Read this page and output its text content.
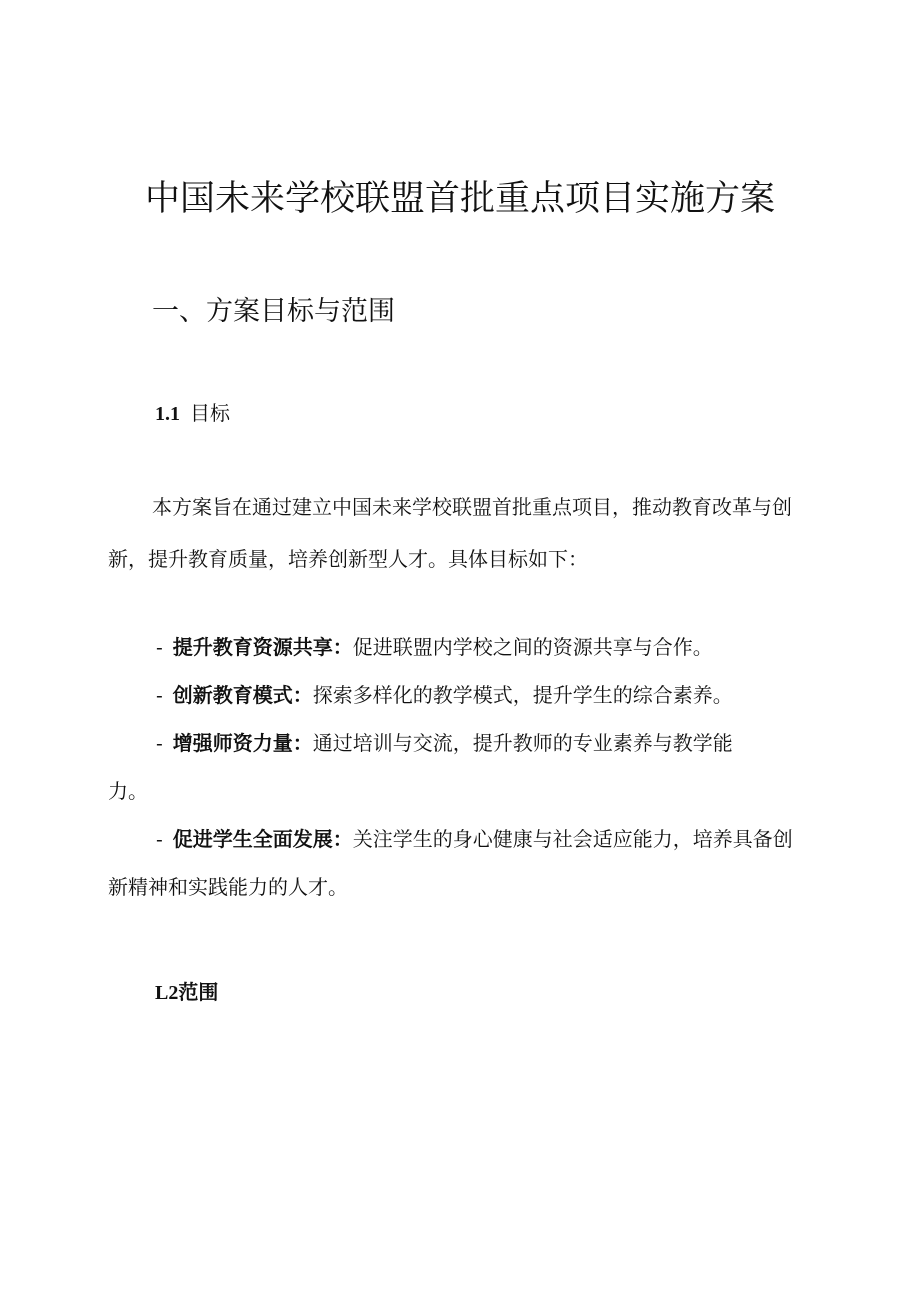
中国未来学校联盟首批重点项目实施方案
一、方案目标与范围
1.1 目标

本方案旨在通过建立中国未来学校联盟首批重点项目，推动教育改革与创新，提升教育质量，培养创新型人才。具体目标如下：

- 提升教育资源共享：促进联盟内学校之间的资源共享与合作。
- 创新教育模式：探索多样化的教学模式，提升学生的综合素养。
- 增强师资力量：通过培训与交流，提升教师的专业素养与教学能力。
- 促进学生全面发展：关注学生的身心健康与社会适应能力，培养具备创新精神和实践能力的人才。
L2范围
